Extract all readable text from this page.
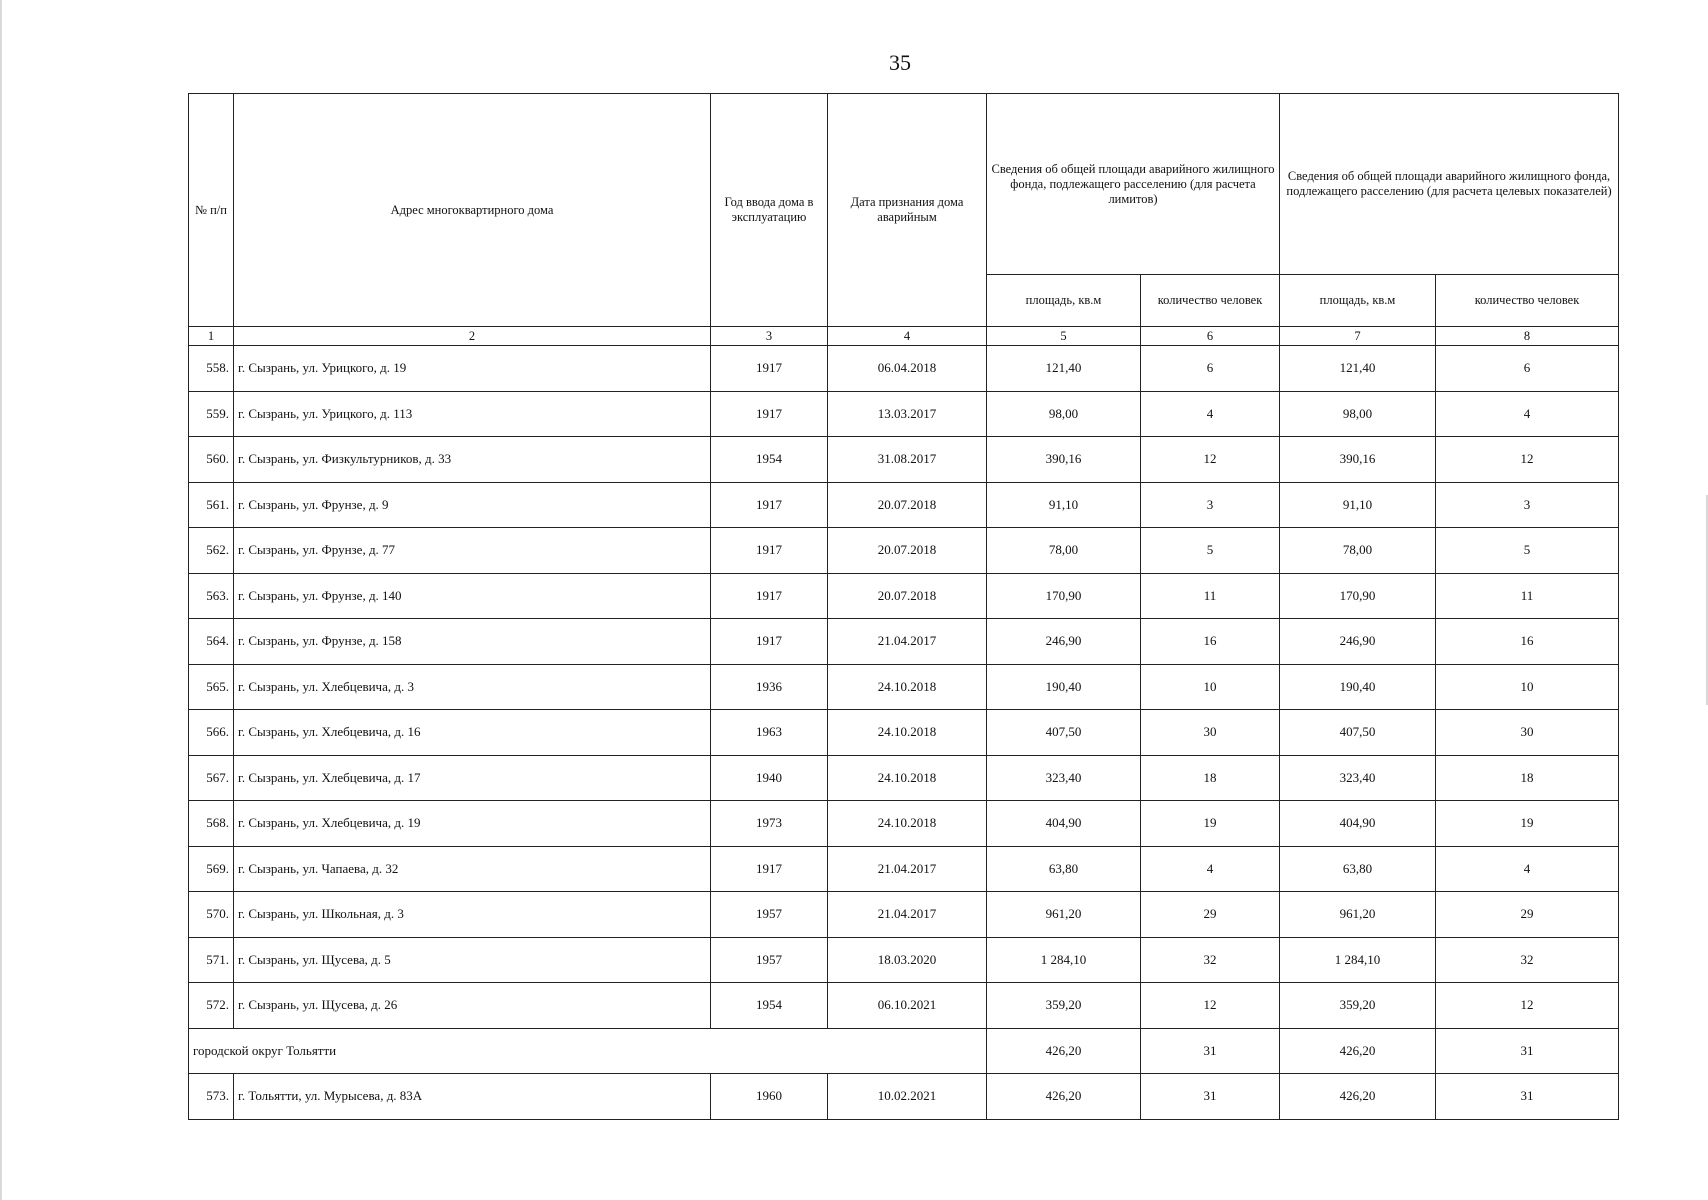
35
№ п/п	Адрес многоквартирного дома	Год ввода дома в эксплуатацию	Дата признания дома аварийным	Сведения об общей площади аварийного жилищного фонда, подлежащего расселению (для расчета лимитов)		Сведения об общей площади аварийного жилищного фонда, подлежащего расселению (для расчета целевых показателей)	
				площадь, кв.м	количество человек	площадь, кв.м	количество человек
1	2	3	4	5	6	7	8
558.	г. Сызрань, ул. Урицкого, д. 19	1917	06.04.2018	121,40	6	121,40	6
559.	г. Сызрань, ул. Урицкого, д. 113	1917	13.03.2017	98,00	4	98,00	4
560.	г. Сызрань, ул. Физкультурников, д. 33	1954	31.08.2017	390,16	12	390,16	12
561.	г. Сызрань, ул. Фрунзе, д. 9	1917	20.07.2018	91,10	3	91,10	3
562.	г. Сызрань, ул. Фрунзе, д. 77	1917	20.07.2018	78,00	5	78,00	5
563.	г. Сызрань, ул. Фрунзе, д. 140	1917	20.07.2018	170,90	11	170,90	11
564.	г. Сызрань, ул. Фрунзе, д. 158	1917	21.04.2017	246,90	16	246,90	16
565.	г. Сызрань, ул. Хлебцевича, д. 3	1936	24.10.2018	190,40	10	190,40	10
566.	г. Сызрань, ул. Хлебцевича, д. 16	1963	24.10.2018	407,50	30	407,50	30
567.	г. Сызрань, ул. Хлебцевича, д. 17	1940	24.10.2018	323,40	18	323,40	18
568.	г. Сызрань, ул. Хлебцевича, д. 19	1973	24.10.2018	404,90	19	404,90	19
569.	г. Сызрань, ул. Чапаева, д. 32	1917	21.04.2017	63,80	4	63,80	4
570.	г. Сызрань, ул. Школьная, д. 3	1957	21.04.2017	961,20	29	961,20	29
571.	г. Сызрань, ул. Щусева, д. 5	1957	18.03.2020	1 284,10	32	1 284,10	32
572.	г. Сызрань, ул. Щусева, д. 26	1954	06.10.2021	359,20	12	359,20	12
городской округ Тольятти				426,20	31	426,20	31
573.	г. Тольятти, ул. Мурысева, д. 83А	1960	10.02.2021	426,20	31	426,20	31
